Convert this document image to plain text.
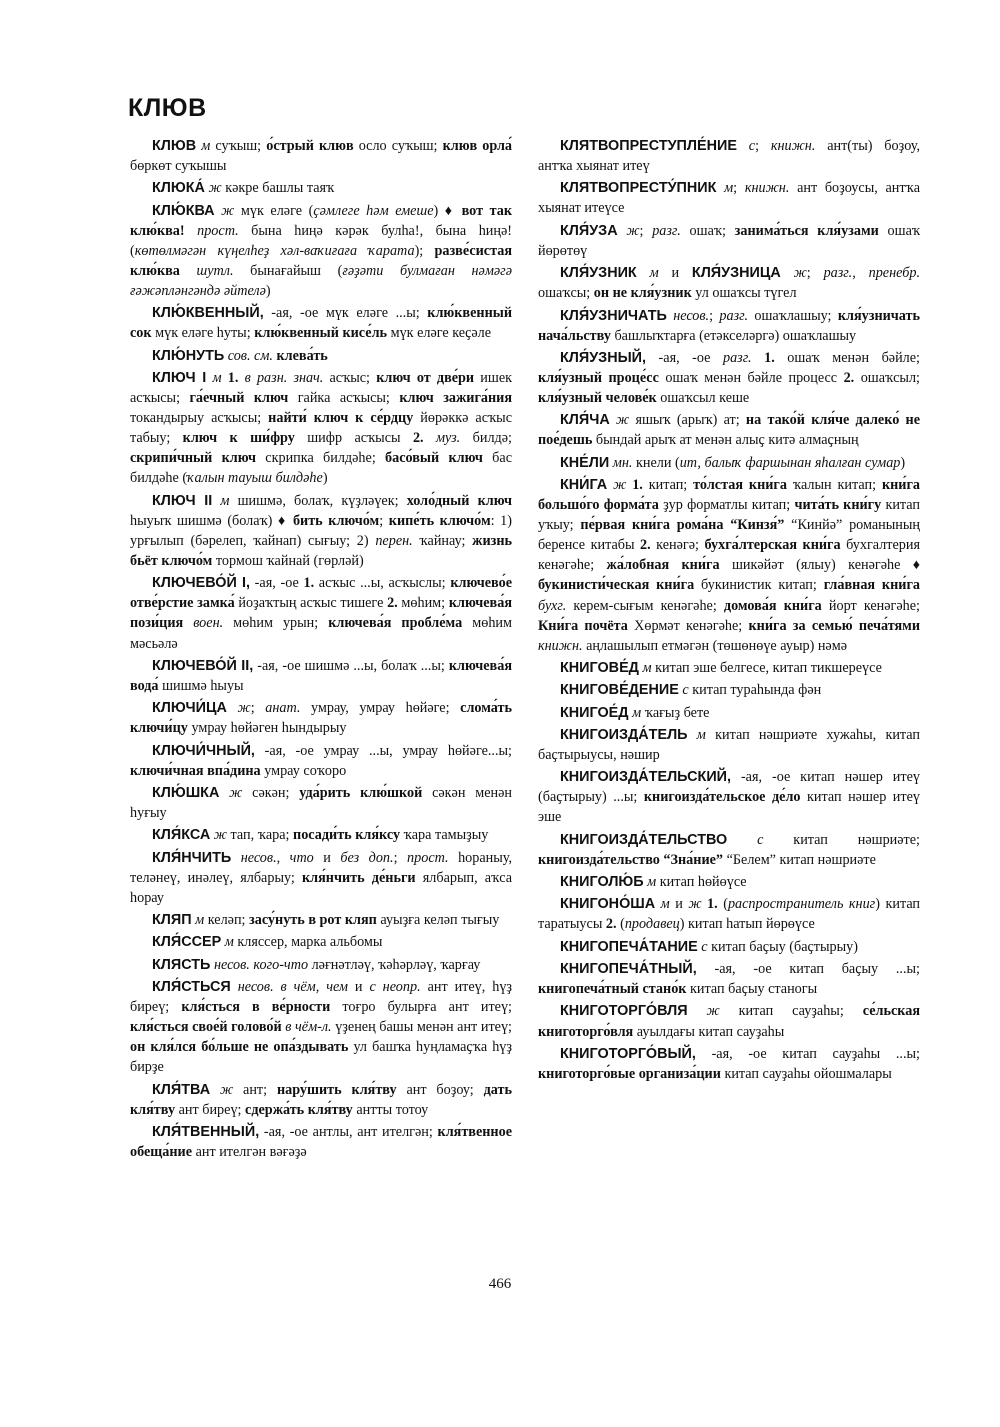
КЛЮВ

КЛЮВ м суҡыш; о́стрый клюв осло суҡыш; клюв орла́ бөркөт суҡышы

КЛЮКА́ ж кәкре башлы таяҡ

КЛЮ́КВА ж мүк еләге (ҫәмлеге һәм емеше) ♦ вот так клю́ква! прост. бына һиңә кәрәк булһа!, бына һиңә! (көтөлмәгән күңелһеҙ хәл-ваҡиғаға ҡарата); разве́систая клю́ква шутл. бынағайыш (ғәҙәти булмаған нәмәгә ғәжәпләнгәндә әйтелә)

КЛЮ́КВЕННЫЙ, -ая, -ое мүк еләге ...ы; клю́квенный сок мүк еләге һуты; клю́квенный кисе́ль мүк еләге кеҫәле

КЛЮ́НУТЬ сов. см. клева́ть

КЛЮЧ I м 1. в разн. знач. асҡыс; ключ от две́ри ишек асҡысы; га́ечный ключ гайка асҡысы; ключ зажига́ния токандырыу асҡысы; найти́ ключ к се́рдцу йөрәккә асҡыс табыу; ключ к ши́фру шифр асҡысы 2. муз. билдә; скрипи́чный ключ скрипка билдәһе; басо́вый ключ бас билдәһе (ҡалын тауыш билдәһе)

КЛЮЧ II м шишмә, болаҡ, күҙләүек; холо́дный ключ һыуыҡ шишмә (болаҡ) ♦ бить ключо́м; кипе́ть ключо́м: 1) урғылып (бәрелеп, ҡайнап) сығыу; 2) перен. ҡайнау; жизнь бьёт ключо́м тормош ҡайнай (гөрләй)

КЛЮЧЕВО́Й I, -ая, -ое 1. асҡыс ...ы, асҡыслы; ключево́е отве́рстие замка́ йоҙаҡтың асҡыс тишеге 2. мөһим; ключева́я пози́ция воен. мөһим урын; ключева́я пробле́ма мөһим мәсьәлә

КЛЮЧЕВО́Й II, -ая, -ое шишмә ...ы, болаҡ ...ы; ключева́я вода́ шишмә һыуы

КЛЮЧИ́ЦА ж; анат. умрау, умрау һөйәге; слома́ть ключи́цу умрау һөйәген һындырыу

КЛЮЧИ́ЧНЫЙ, -ая, -ое умрау ...ы, умрау һөйәге...ы; ключи́чная впа́дина умрау соҡоро

КЛЮ́ШКА ж сәкән; уда́рить клю́шкой сәкән менән һуғыу

КЛЯ́КСА ж тап, ҡара; посади́ть кля́ксу ҡара тамыҙыу

КЛЯ́НЧИТЬ несов., что и без доп.; прост. һораныу, теләнеү, инәлеү, ялбарыу; кля́нчить де́ньги ялбарып, аҡса һорау

КЛЯП м келәп; засу́нуть в рот кляп ауыҙға келәп тығыу

КЛЯ́ССЕР м кляссер, марка альбомы

КЛЯСТЬ несов. кого-что ләғнәтләү, ҡәһәрләү, ҡарғау

КЛЯ́СТЬСЯ несов. в чём, чем и с неопр. ант итеү, һүҙ биреү; кля́сться в ве́рности тоғро булырға ант итеү; кля́сться свое́й голово́й в чём-л. үҙенең башы менән ант итеү; он кля́лся бо́льше не опа́здывать ул башҡа һуңламаҫҡа һүҙ бирҙе

КЛЯ́ТВА ж ант; нару́шить кля́тву ант боҙоу; дать кля́тву ант биреү; сдержа́ть кля́тву антты тотоу

КЛЯ́ТВЕННЫЙ, -ая, -ое антлы, ант ителгән; кля́твенное обеща́ние ант ителгән вәғәҙә

КЛЯТВОПРЕСТУПЛЕ́НИЕ с; книжн. ант(ты) боҙоу, антҡа хыянат итеү

КЛЯТВОПРЕСТУ́ПНИК м; книжн. ант боҙоусы, антҡа хыянат итеүсе

КЛЯ́УЗА ж; разг. ошаҡ; занима́ться кля́узами ошаҡ йөрөтөү

КЛЯ́УЗНИК м и КЛЯ́УЗНИЦА ж; разг., пренебр. ошаҡсы; он не кля́узник ул ошаҡсы түгел

КЛЯ́УЗНИЧАТЬ несов.; разг. ошаҡлашыу; кля́узничать нача́льству башлыҡтарға (етәкселәргә) ошаҡлашыу

КЛЯ́УЗНЫЙ, -ая, -ое разг. 1. ошаҡ менән бәйле; кля́узный проце́сс ошаҡ менән бәйле процесс 2. ошаҡсыл; кля́узный челове́к ошаҡсыл кеше

КЛЯ́ЧА ж яшыҡ (арыҡ) ат; на тако́й кля́че далеко́ не пое́дешь бындай арыҡ ат менән алыҫ китә алмаҫның

КНЕ́ЛИ мн. кнели (ит, балыҡ фаршынан яһалған сумар)

КНИ́ГА ж 1. китап; то́лстая кни́га ҡалын китап; кни́га большо́го форма́та ҙур форматлы китап; чита́ть кни́гу китап уҡыу; пе́рвая кни́га рома́на “Кинзя́” “Кинйә” романының беренсе китабы 2. кенәгә; бухга́лтерская кни́га бухгалтерия кенәгәһе; жа́лобная кни́га шикәйәт (ялыу) кенәгәһе ♦ букинисти́ческая кни́га букинистик китап; гла́вная кни́га бухг. керем-сығым кенәгәһе; домова́я кни́га йорт кенәгәһе; Кни́га почёта Хөрмәт кенәгәһе; кни́га за семью́ печа́тями книжн. аңлашылып етмәгән (төшөнөүе ауыр) нәмә

КНИГОВЕ́Д м китап эше белгесе, китап тикшереүсе

КНИГОВЕ́ДЕНИЕ с китап тураһында фән

КНИГОЕ́Д м ҡағыҙ бете

КНИГОИЗДА́ТЕЛЬ м китап нәшриәте хужаһы, китап баҫтырыусы, нәшир

КНИГОИЗДА́ТЕЛЬСКИЙ, -ая, -ое китап нәшер итеү (баҫтырыу) ...ы; книгоизда́тельское де́ло китап нәшер итеү эше

КНИГОИЗДА́ТЕЛЬСТВО с китап нәшриәте; книгоизда́тельство “Зна́ние” “Белем” китап нәшриәте

КНИГОЛЮ́Б м китап һөйөүсе

КНИГОНО́ША м и ж 1. (распространитель книг) китап таратыусы 2. (продавец) китап һатып йөрөүсе

КНИГОПЕЧА́ТАНИЕ с китап баҫыу (баҫтырыу)

КНИГОПЕЧА́ТНЫЙ, -ая, -ое китап баҫыу ...ы; книгопеча́тный стано́к китап баҫыу станогы

КНИГОТОРГО́ВЛЯ ж китап сауҙаһы; се́льская книготорго́вля ауылдағы китап сауҙаһы

КНИГОТОРГО́ВЫЙ, -ая, -ое китап сауҙаһы ...ы; книготорго́вые организа́ции китап сауҙаһы ойошмалары

466
